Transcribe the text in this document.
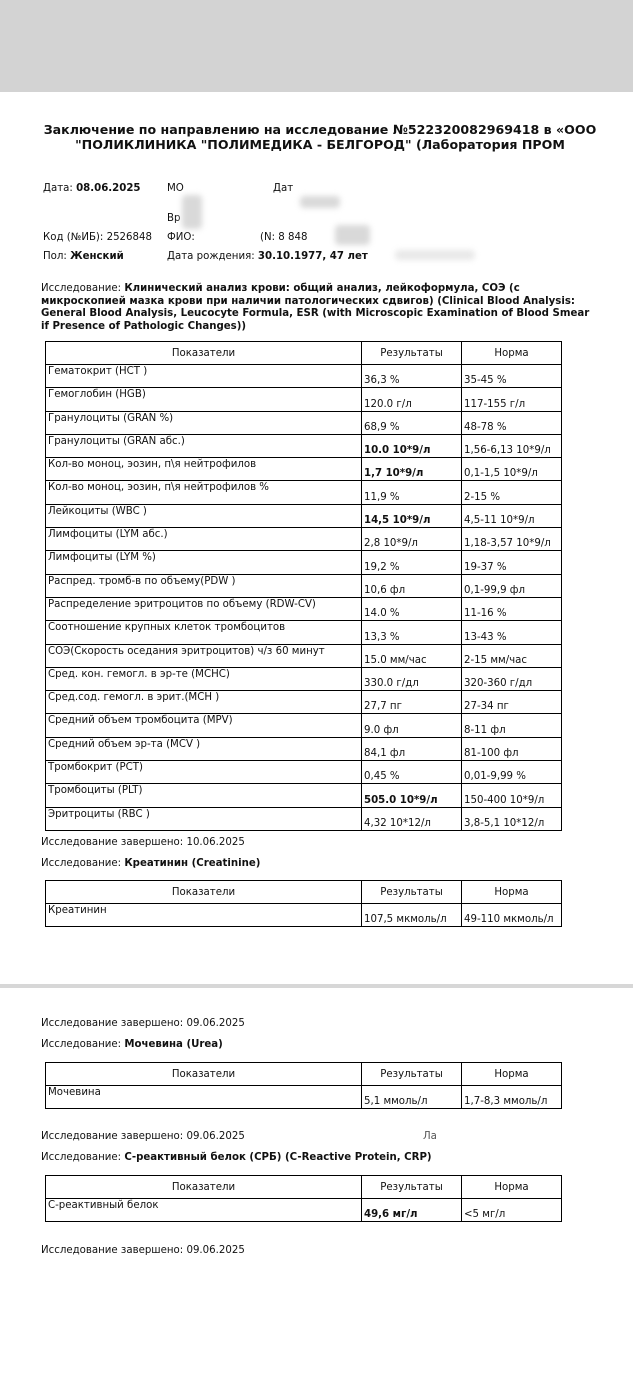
Заключение по направлению на исследование №522320082969418 в «ООО "ПОЛИКЛИНИКА "ПОЛИМЕДИКА - БЕЛГОРОД" (Лаборатория ПРОМ
Дата: 08.06.2025	МО	Дат
Вр
Код (№ИБ): 2526848 ФИО:	(N: 8 848
Пол: Женский	Дата рождения: 30.10.1977, 47 лет
Исследование: Клинический анализ крови: общий анализ, лейкоформула, СОЭ (с микроскопией мазка крови при наличии патологических сдвигов) (Clinical Blood Analysis: General Blood Analysis, Leucocyte Formula, ESR (with Microscopic Examination of Blood Smear if Presence of Pathologic Changes))
Показатели	Результаты	Норма
Гематокрит (HCT )	36,3 %	35-45 %
Гемоглобин (HGB)	120.0 г/л	117-155 г/л
Гранулоциты (GRAN %)	68,9 %	48-78 %
Гранулоциты (GRAN абс.)	10.0 10*9/л	1,56-6,13 10*9/л
Кол-во моноц, эозин, п\я нейтрофилов	1,7 10*9/л	0,1-1,5 10*9/л
Кол-во моноц, эозин, п\я нейтрофилов %	11,9 %	2-15 %
Лейкоциты (WBC )	14,5 10*9/л	4,5-11 10*9/л
Лимфоциты (LYM абс.)	2,8 10*9/л	1,18-3,57 10*9/л
Лимфоциты (LYM %)	19,2 %	19-37 %
Распред. тромб-в по объему(PDW )	10,6 фл	0,1-99,9 фл
Распределение эритроцитов по объему (RDW-CV)	14.0 %	11-16 %
Соотношение крупных клеток тромбоцитов	13,3 %	13-43 %
СОЭ(Скорость оседания эритроцитов) ч/з 60 минут	15.0 мм/час	2-15 мм/час
Сред. кон. гемогл. в эр-те (MCHC)	330.0 г/дл	320-360 г/дл
Сред.сод. гемогл. в эрит.(MCH )	27,7 пг	27-34 пг
Средний объем тромбоцита (MPV)	9.0 фл	8-11 фл
Средний объем эр-та (MCV )	84,1 фл	81-100 фл
Тромбокрит (PCT)	0,45 %	0,01-9,99 %
Тромбоциты (PLT)	505.0 10*9/л	150-400 10*9/л
Эритроциты (RBC )	4,32 10*12/л	3,8-5,1 10*12/л
Исследование завершено: 10.06.2025
Исследование: Креатинин (Creatinine)
Показатели	Результаты	Норма
Креатинин	107,5 мкмоль/л	49-110 мкмоль/л
Исследование завершено: 09.06.2025
Исследование: Мочевина (Urea)
Показатели	Результаты	Норма
Мочевина	5,1 ммоль/л	1,7-8,3 ммоль/л
Исследование завершено: 09.06.2025	Ла
Исследование: С-реактивный белок (СРБ) (C-Reactive Protein, CRP)
Показатели	Результаты	Норма
С-реактивный белок	49,6 мг/л	<5 мг/л
Исследование завершено: 09.06.2025
